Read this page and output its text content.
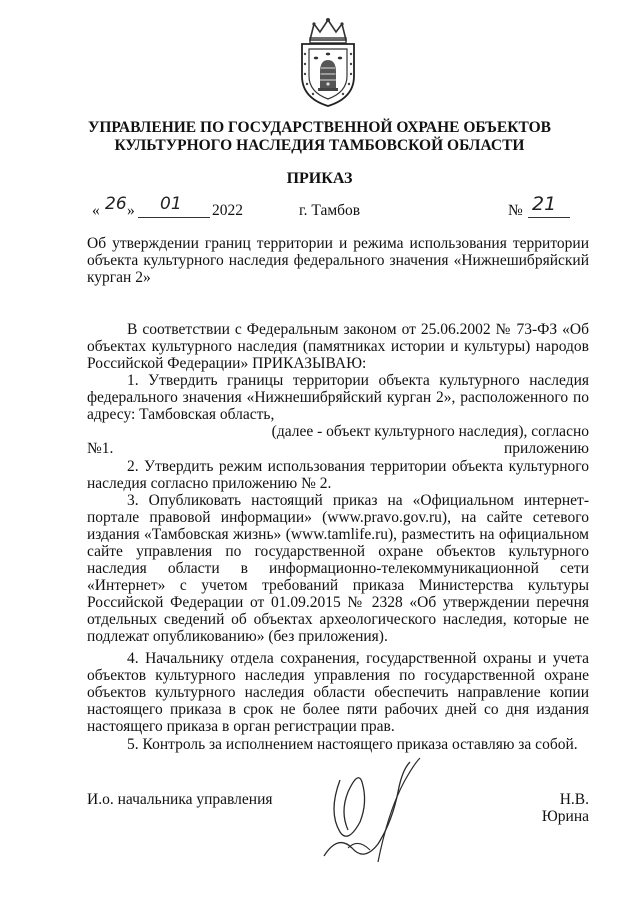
УПРАВЛЕНИЕ ПО ГОСУДАРСТВЕННОЙ ОХРАНЕ ОБЪЕКТОВ
КУЛЬТУРНОГО НАСЛЕДИЯ ТАМБОВСКОЙ ОБЛАСТИ
ПРИКАЗ
« 26 » 01 2022	г. Тамбов	№ 21
Об утверждении границ территории и режима использования территории объекта культурного наследия федерального значения «Нижнешибряйский курган 2»
В соответствии с Федеральным законом от 25.06.2002 № 73-ФЗ «Об объектах культурного наследия (памятниках истории и культуры) народов Российской Федерации» ПРИКАЗЫВАЮ:
1. Утвердить границы территории объекта культурного наследия федерального значения «Нижнешибряйский курган 2», расположенного по адресу: Тамбовская область,
(далее - объект культурного наследия), согласно приложению
№1.
2. Утвердить режим использования территории объекта культурного наследия согласно приложению № 2.
3. Опубликовать настоящий приказ на «Официальном интернет-портале правовой информации» (www.pravo.gov.ru), на сайте сетевого издания «Тамбовская жизнь» (www.tamlife.ru), разместить на официальном сайте управления по государственной охране объектов культурного наследия области в информационно-телекоммуникационной сети «Интернет» с учетом требований приказа Министерства культуры Российской Федерации от 01.09.2015 № 2328 «Об утверждении перечня отдельных сведений об объектах археологического наследия, которые не подлежат опубликованию» (без приложения).
4. Начальнику отдела сохранения, государственной охраны и учета объектов культурного наследия управления по государственной охране объектов культурного наследия области обеспечить направление копии настоящего приказа в срок не более пяти рабочих дней со дня издания настоящего приказа в орган регистрации прав.
5. Контроль за исполнением настоящего приказа оставляю за собой.
И.о. начальника управления	Н.В. Юрина
